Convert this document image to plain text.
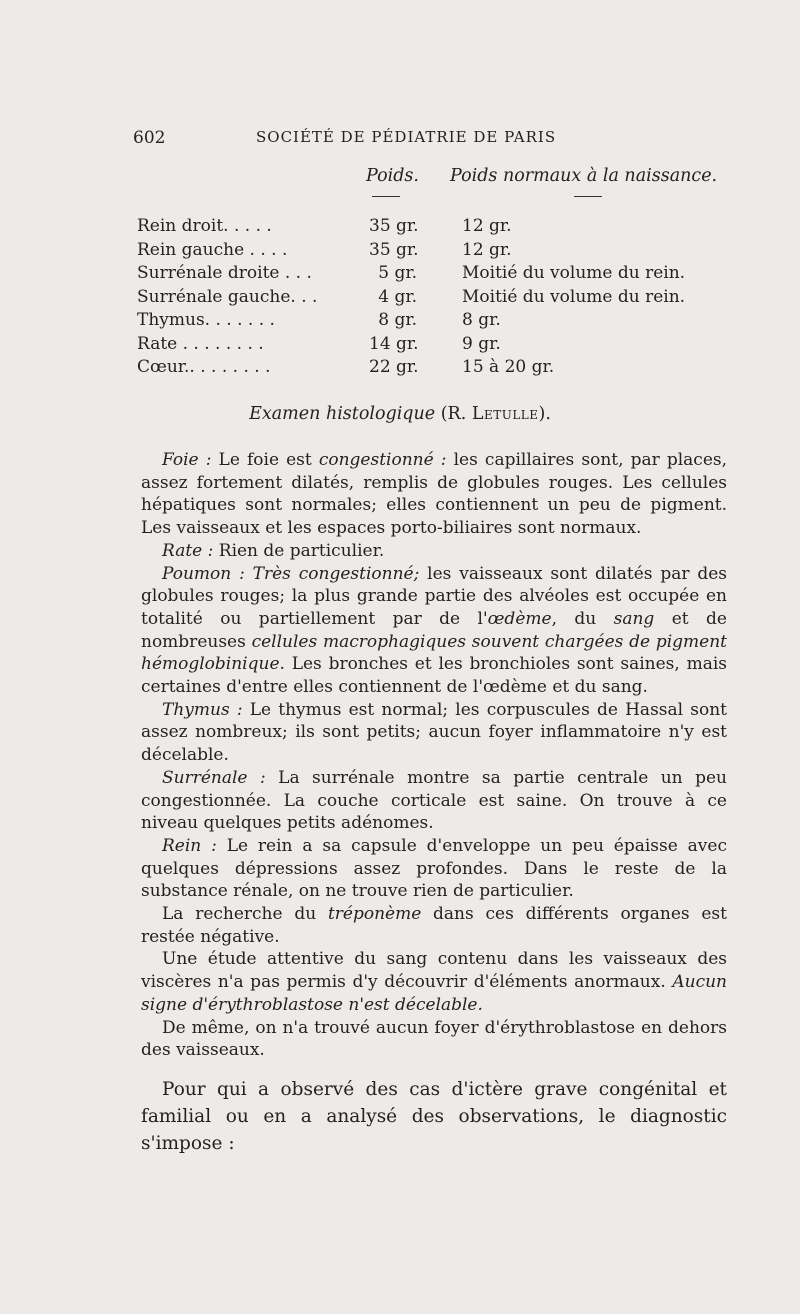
602	SOCIÉTÉ DE PÉDIATRIE DE PARIS
Poids. Poids normaux à la naissance.
Rein droit. . . . .	35 gr.	12 gr.
Rein gauche . . . .	35 gr.	12 gr.
Surrénale droite . . .	5 gr.	Moitié du volume du rein.
Surrénale gauche. . .	4 gr.	Moitié du volume du rein.
Thymus. . . . . . .	8 gr.	8 gr.
Rate . . . . . . . .	14 gr.	9 gr.
Cœur.. . . . . . . .	22 gr.	15 à 20 gr.
Examen histologique (R. Letulle).

Foie : Le foie est congestionné : les capillaires sont, par places, assez fortement dilatés, remplis de globules rouges. Les cellules hépatiques sont normales; elles contiennent un peu de pigment. Les vaisseaux et les espaces porto-biliaires sont normaux.

Rate : Rien de particulier.

Poumon : Très congestionné; les vaisseaux sont dilatés par des globules rouges; la plus grande partie des alvéoles est occupée en totalité ou partiellement par de l'œdème, du sang et de nombreuses cellules macrophagiques souvent chargées de pigment hémoglobinique. Les bronches et les bronchioles sont saines, mais certaines d'entre elles contiennent de l'œdème et du sang.

Thymus : Le thymus est normal; les corpuscules de Hassal sont assez nombreux; ils sont petits; aucun foyer inflammatoire n'y est décelable.

Surrénale : La surrénale montre sa partie centrale un peu congestionnée. La couche corticale est saine. On trouve à ce niveau quelques petits adénomes.

Rein : Le rein a sa capsule d'enveloppe un peu épaisse avec quelques dépressions assez profondes. Dans le reste de la substance rénale, on ne trouve rien de particulier.

La recherche du tréponème dans ces différents organes est restée négative.

Une étude attentive du sang contenu dans les vaisseaux des viscères n'a pas permis d'y découvrir d'éléments anormaux. Aucun signe d'érythroblastose n'est décelable.

De même, on n'a trouvé aucun foyer d'érythroblastose en dehors des vaisseaux.

Pour qui a observé des cas d'ictère grave congénital et familial ou en a analysé des observations, le diagnostic s'impose :
